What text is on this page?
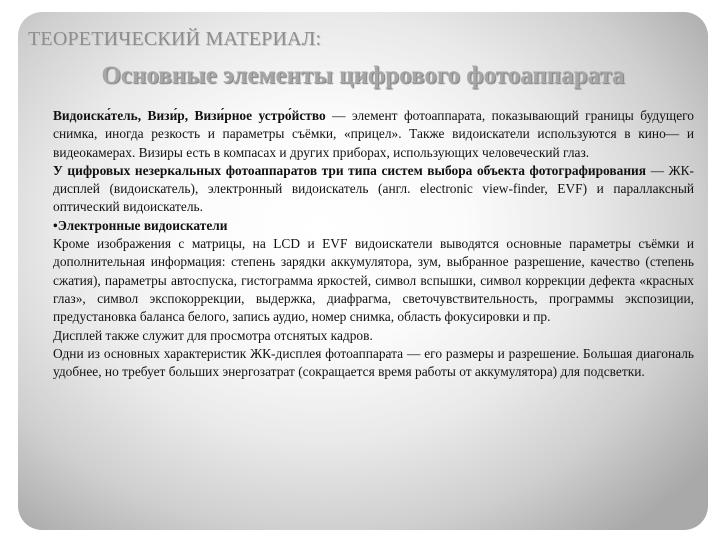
ТЕОРЕТИЧЕСКИЙ МАТЕРИАЛ:
Основные элементы цифрового фотоаппарата

Видоиска́тель, Визи́р, Визи́рное устро́йство — элемент фотоаппарата, показывающий границы будущего снимка, иногда резкость и параметры съёмки, «прицел». Также видоискатели используются в кино— и видеокамерах. Визиры есть в компасах и других приборах, использующих человеческий глаз.

У цифровых незеркальных фотоаппаратов три типа систем выбора объекта фотографирования — ЖК-дисплей (видоискатель), электронный видоискатель (англ. electronic view-finder, EVF) и параллаксный оптический видоискатель.

•Электронные видоискатели

Кроме изображения с матрицы, на LCD и EVF видоискатели выводятся основные параметры съёмки и дополнительная информация: степень зарядки аккумулятора, зум, выбранное разрешение, качество (степень сжатия), параметры автоспуска, гистограмма яркостей, символ вспышки, символ коррекции дефекта «красных глаз», символ экспокоррекции, выдержка, диафрагма, светочувствительность, программы экспозиции, предустановка баланса белого, запись аудио, номер снимка, область фокусировки и пр.

Дисплей также служит для просмотра отснятых кадров.

Одни из основных характеристик ЖК-дисплея фотоаппарата — его размеры и разрешение. Большая диагональ удобнее, но требует больших энергозатрат (сокращается время работы от аккумулятора) для подсветки.
